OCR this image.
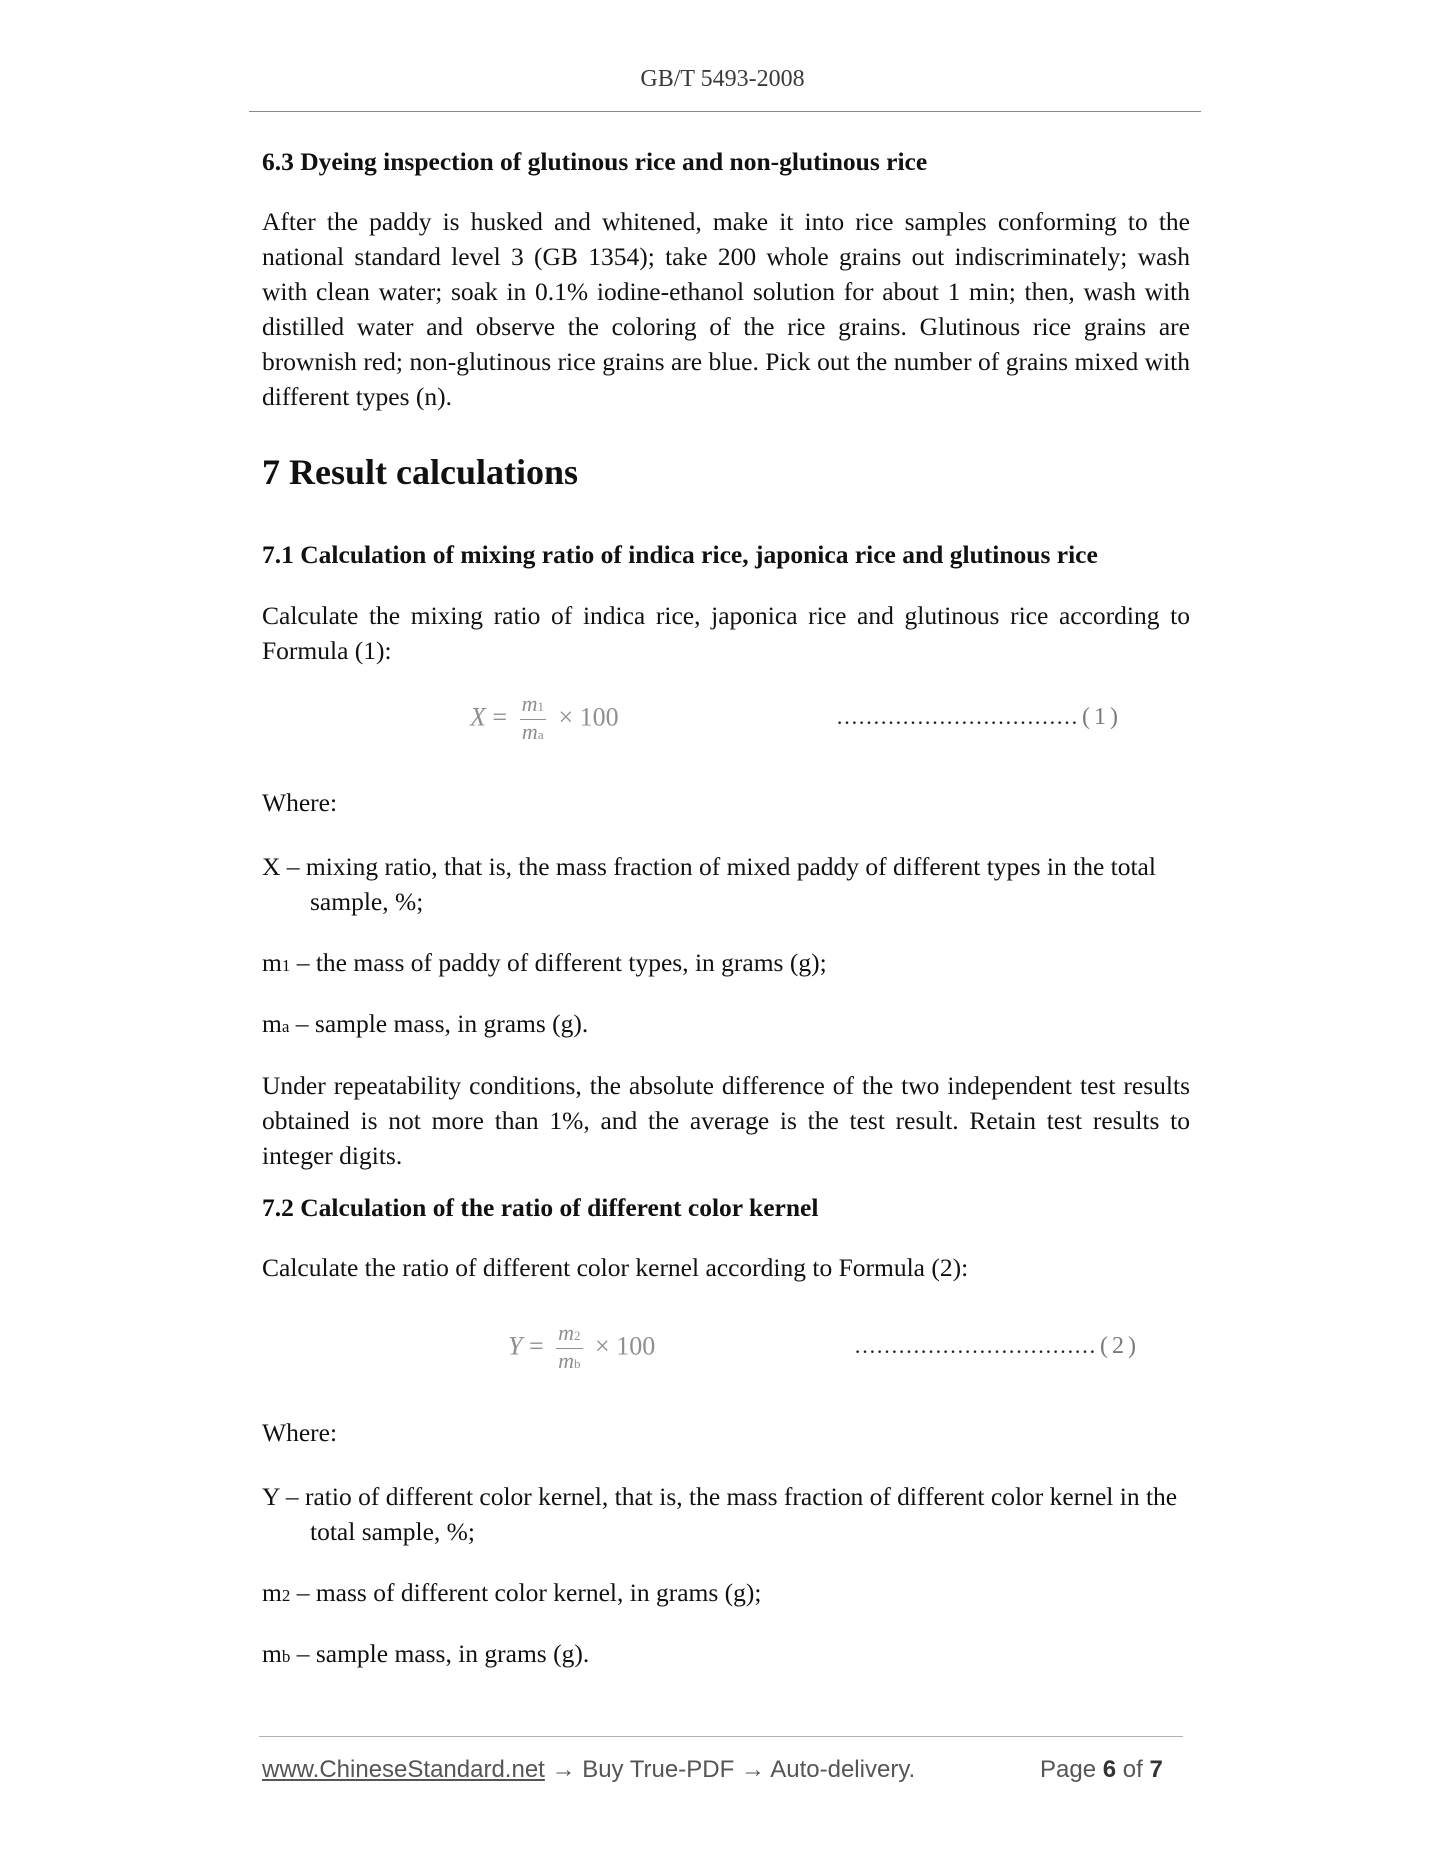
GB/T 5493-2008
6.3 Dyeing inspection of glutinous rice and non-glutinous rice
After the paddy is husked and whitened, make it into rice samples conforming to the national standard level 3 (GB 1354); take 200 whole grains out indiscriminately; wash with clean water; soak in 0.1% iodine-ethanol solution for about 1 min; then, wash with distilled water and observe the coloring of the rice grains. Glutinous rice grains are brownish red; non-glutinous rice grains are blue. Pick out the number of grains mixed with different types (n).
7 Result calculations
7.1 Calculation of mixing ratio of indica rice, japonica rice and glutinous rice
Calculate the mixing ratio of indica rice, japonica rice and glutinous rice according to Formula (1):
$X = \frac{m1}{ma} \times 100$	…………………………… (1)
Where:
X – mixing ratio, that is, the mass fraction of mixed paddy of different types in the total sample, %;
m1 – the mass of paddy of different types, in grams (g);
ma – sample mass, in grams (g).
Under repeatability conditions, the absolute difference of the two independent test results obtained is not more than 1%, and the average is the test result. Retain test results to integer digits.
7.2 Calculation of the ratio of different color kernel
Calculate the ratio of different color kernel according to Formula (2):
$Y = \frac{m2}{mb} \times 100$	…………………………… (2)
Where:
Y – ratio of different color kernel, that is, the mass fraction of different color kernel in the total sample, %;
m2 – mass of different color kernel, in grams (g);
mb – sample mass, in grams (g).
www.ChineseStandard.net → Buy True-PDF → Auto-delivery.	Page 6 of 7
